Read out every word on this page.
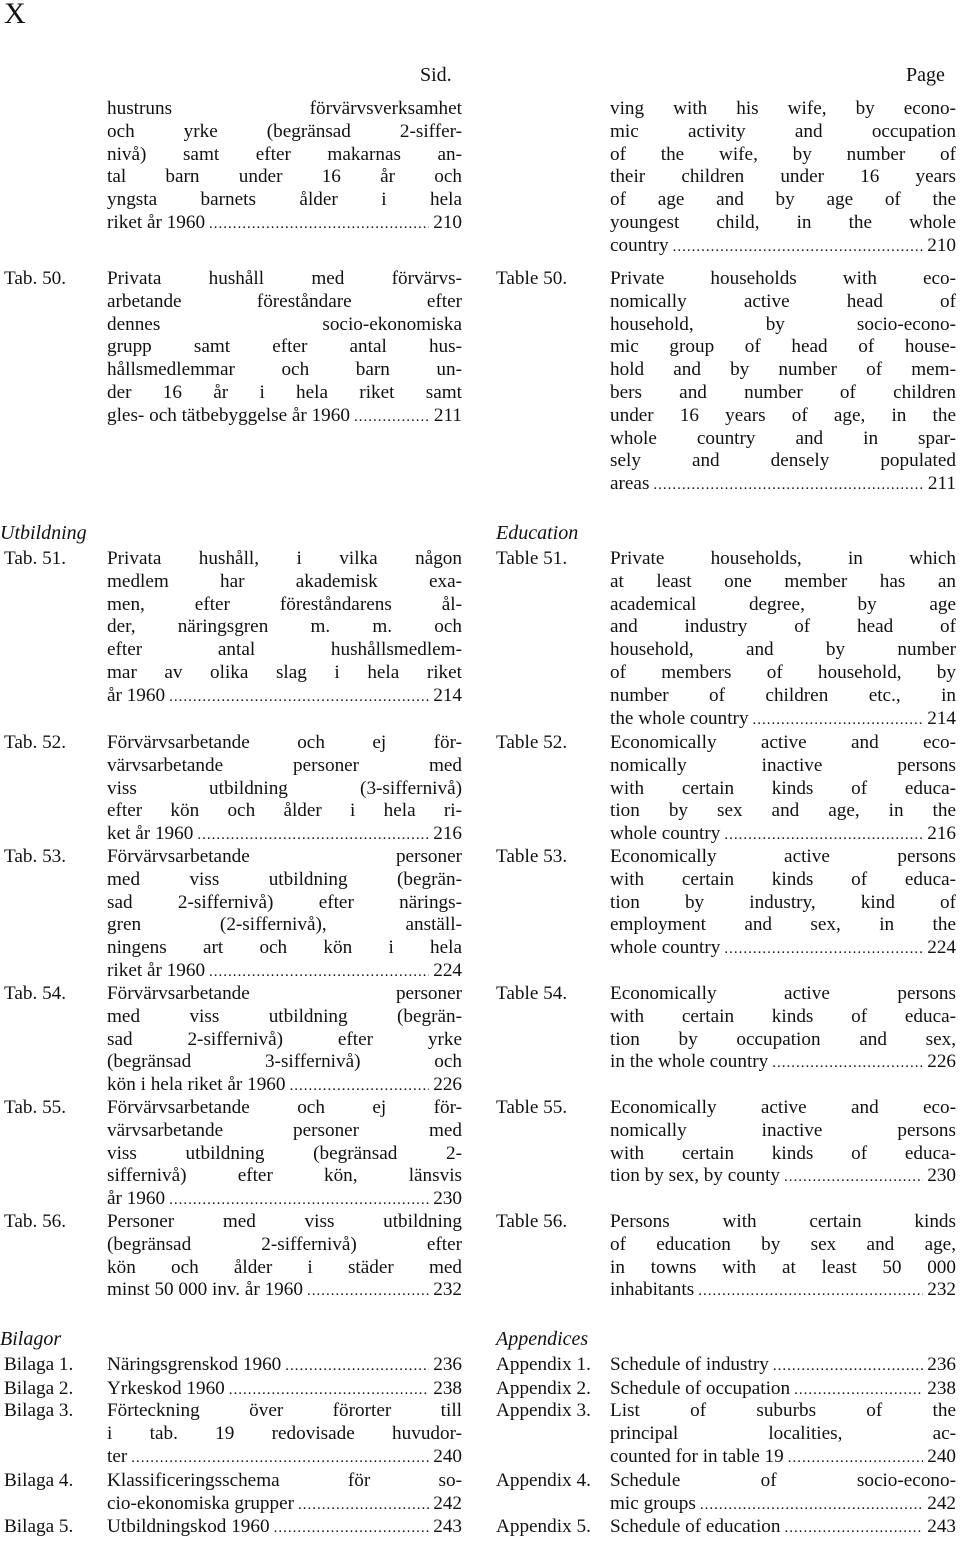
X
Sid.	Page
Utbildning	Education
Bilagor	Appendices
hustruns förvärvsverksamhet
och yrke (begränsad 2-siffer-
nivå) samt efter makarnas an-
tal barn under 16 år och
yngsta barnets ålder i hela
riket år 1960 .....	210
Tab. 50. Privata hushåll med förvärvs-
arbetande föreståndare efter
dennes socio-ekonomiska
grupp samt efter antal hus-
hållsmedlemmar och barn un-
der 16 år i hela riket samt
gles- och tätbebyggelse år 1960 .....	211
Tab. 51. Privata hushåll, i vilka någon
medlem har akademisk exa-
men, efter föreståndarens ål-
der, näringsgren m. m. och
efter antal hushållsmedlem-
mar av olika slag i hela riket
år 1960 .....	214
Tab. 52. Förvärvsarbetande och ej för-
värvsarbetande personer med
viss utbildning (3-siffernivå)
efter kön och ålder i hela ri-
ket år 1960 .....	216
Tab. 53. Förvärvsarbetande personer
med viss utbildning (begrän-
sad 2-siffernivå) efter närings-
gren (2-siffernivå), anställ-
ningens art och kön i hela
riket år 1960 .....	224
Tab. 54. Förvärvsarbetande personer
med viss utbildning (begrän-
sad 2-siffernivå) efter yrke
(begränsad 3-siffernivå) och
kön i hela riket år 1960 .....	226
Tab. 55. Förvärvsarbetande och ej för-
värvsarbetande personer med
viss utbildning (begränsad 2-
siffernivå) efter kön, länsvis
år 1960 .....	230
Tab. 56. Personer med viss utbildning
(begränsad 2-siffernivå) efter
kön och ålder i städer med
minst 50 000 inv. år 1960 .....	232
Bilaga 1. Näringsgrenskod 1960 .....	236
Bilaga 2. Yrkeskod 1960 .....	238
Bilaga 3. Förteckning över förorter till
i tab. 19 redovisade huvudor-
ter .....	240
Bilaga 4. Klassificeringsschema för so-
cio-ekonomiska grupper .....	242
Bilaga 5. Utbildningskod 1960 .....	243
ving with his wife, by econo-
mic activity and occupation
of the wife, by number of
their children under 16 years
of age and by age of the
youngest child, in the whole
country .....	210
Table 50. Private households with eco-
nomically active head of
household, by socio-econo-
mic group of head of house-
hold and by number of mem-
bers and number of children
under 16 years of age, in the
whole country and in spar-
sely and densely populated
areas .....	211
Table 51. Private households, in which
at least one member has an
academical degree, by age
and industry of head of
household, and by number
of members of household, by
number of children etc., in
the whole country .....	214
Table 52. Economically active and eco-
nomically inactive persons
with certain kinds of educa-
tion by sex and age, in the
whole country .....	216
Table 53. Economically active persons
with certain kinds of educa-
tion by industry, kind of
employment and sex, in the
whole country .....	224
Table 54. Economically active persons
with certain kinds of educa-
tion by occupation and sex,
in the whole country .....	226
Table 55. Economically active and eco-
nomically inactive persons
with certain kinds of educa-
tion by sex, by county .....	230
Table 56. Persons with certain kinds
of education by sex and age,
in towns with at least 50 000
inhabitants .....	232
Appendix 1. Schedule of industry .....	236
Appendix 2. Schedule of occupation .....	238
Appendix 3. List of suburbs of the
principal localities, ac-
counted for in table 19 .....	240
Appendix 4. Schedule of socio-econo-
mic groups .....	242
Appendix 5. Schedule of education .....	243
